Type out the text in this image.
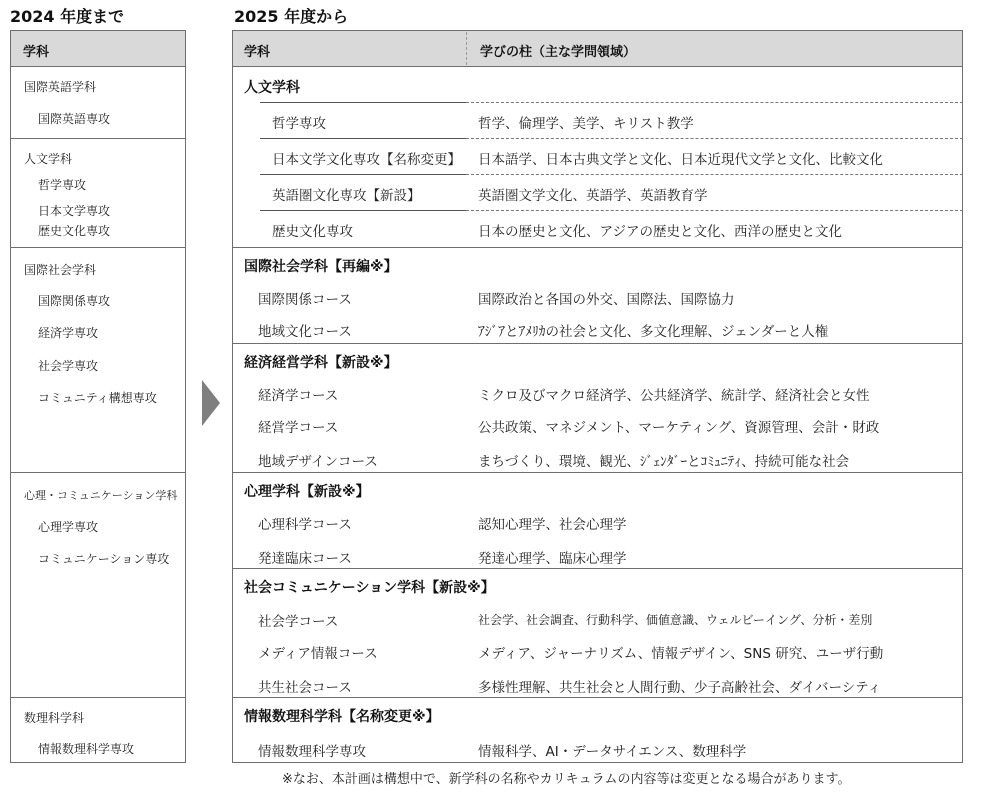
2024 年度まで
学科
国際英語学科
国際英語専攻
人文学科
哲学専攻
日本文学専攻
歴史文化専攻
国際社会学科
国際関係専攻
経済学専攻
社会学専攻
コミュニティ構想専攻
心理・コミュニケーション学科
心理学専攻
コミュニケーション専攻
数理科学科
情報数理科学専攻
2025 年度から
学科	学びの柱（主な学問領域）
人文学科
哲学専攻	哲学、倫理学、美学、キリスト教学
日本文学文化専攻【名称変更】 日本語学、日本古典文学と文化、日本近現代文学と文化、比較文化
英語圏文化専攻【新設】	英語圏文学文化、英語学、英語教育学
歴史文化専攻	日本の歴史と文化、アジアの歴史と文化、西洋の歴史と文化
国際社会学科【再編※】
国際関係コース	国際政治と各国の外交、国際法、国際協力
地域文化コース	ｱｼﾞｱとｱﾒﾘｶの社会と文化、多文化理解、ジェンダーと人権
経済経営学科【新設※】
経済学コース	ミクロ及びマクロ経済学、公共経済学、統計学、経済社会と女性
経営学コース	公共政策、マネジメント、マーケティング、資源管理、会計・財政
地域デザインコース	まちづくり、環境、観光、ｼﾞｪﾝﾀﾞｰとｺﾐｭﾆﾃｨ、持続可能な社会
心理学科【新設※】
心理科学コース	認知心理学、社会心理学
発達臨床コース	発達心理学、臨床心理学
社会コミュニケーション学科【新設※】
社会学コース	社会学、社会調査、行動科学、価値意識、ウェルビーイング、分析・差別
メディア情報コース	メディア、ジャーナリズム、情報デザイン、SNS 研究、ユーザ行動
共生社会コース	多様性理解、共生社会と人間行動、少子高齢社会、ダイバーシティ
情報数理科学科【名称変更※】
情報数理科学専攻	情報科学、AI・データサイエンス、数理科学
※なお、本計画は構想中で、新学科の名称やカリキュラムの内容等は変更となる場合があります。
